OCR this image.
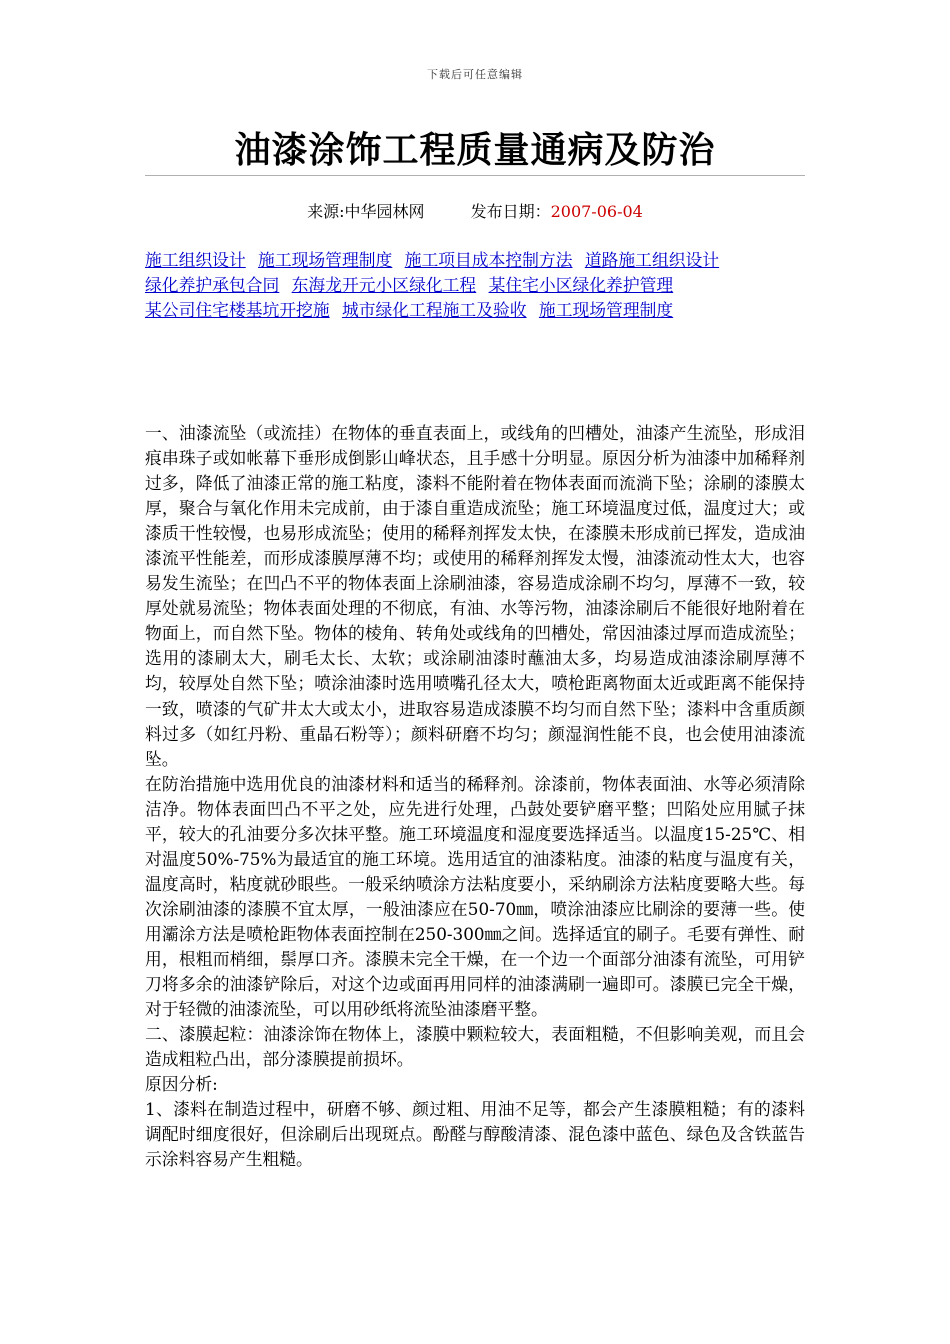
下载后可任意编辑
油漆涂饰工程质量通病及防治
来源:中华园林网	发布日期：2007-06-04
施工组织设计 施工现场管理制度 施工项目成本控制方法 道路施工组织设计 绿化养护承包合同 东海龙开元小区绿化工程 某住宅小区绿化养护管理 某公司住宅楼基坑开挖施 城市绿化工程施工及验收 施工现场管理制度

一、油漆流坠（或流挂）在物体的垂直表面上，或线角的凹槽处，油漆产生流坠，形成泪痕串珠子或如帐幕下垂形成倒影山峰状态，且手感十分明显。原因分析为油漆中加稀释剂过多，降低了油漆正常的施工粘度，漆料不能附着在物体表面而流淌下坠；涂刷的漆膜太厚，聚合与氧化作用未完成前，由于漆自重造成流坠；施工环境温度过低，温度过大；或漆质干性较慢，也易形成流坠；使用的稀释剂挥发太快，在漆膜未形成前已挥发，造成油漆流平性能差，而形成漆膜厚薄不均；或使用的稀释剂挥发太慢，油漆流动性太大，也容易发生流坠；在凹凸不平的物体表面上涂刷油漆，容易造成涂刷不均匀，厚薄不一致，较厚处就易流坠；物体表面处理的不彻底，有油、水等污物，油漆涂刷后不能很好地附着在物面上，而自然下坠。物体的棱角、转角处或线角的凹槽处，常因油漆过厚而造成流坠；选用的漆刷太大，刷毛太长、太软；或涂刷油漆时蘸油太多，均易造成油漆涂刷厚薄不均，较厚处自然下坠；喷涂油漆时选用喷嘴孔径太大，喷枪距离物面太近或距离不能保持一致，喷漆的气矿井太大或太小，进取容易造成漆膜不均匀而自然下坠；漆料中含重质颜料过多（如红丹粉、重晶石粉等）；颜料研磨不均匀；颜湿润性能不良，也会使用油漆流坠。

在防治措施中选用优良的油漆材料和适当的稀释剂。涂漆前，物体表面油、水等必须清除洁净。物体表面凹凸不平之处，应先进行处理，凸鼓处要铲磨平整；凹陷处应用腻子抹平，较大的孔油要分多次抹平整。施工环境温度和湿度要选择适当。以温度15-25℃、相对温度50%-75%为最适宜的施工环境。选用适宜的油漆粘度。油漆的粘度与温度有关，温度高时，粘度就砂眼些。一般采纳喷涂方法粘度要小，采纳刷涂方法粘度要略大些。每次涂刷油漆的漆膜不宜太厚，一般油漆应在50-70㎜，喷涂油漆应比刷涂的要薄一些。使用灞涂方法是喷枪距物体表面控制在250-300㎜之间。选择适宜的刷子。毛要有弹性、耐用，根粗而梢细，鬃厚口齐。漆膜未完全干燥，在一个边一个面部分油漆有流坠，可用铲刀将多余的油漆铲除后，对这个边或面再用同样的油漆满刷一遍即可。漆膜已完全干燥，对于轻微的油漆流坠，可以用砂纸将流坠油漆磨平整。

二、漆膜起粒：油漆涂饰在物体上，漆膜中颗粒较大，表面粗糙，不但影响美观，而且会造成粗粒凸出，部分漆膜提前损坏。

原因分析:

1、漆料在制造过程中，研磨不够、颜过粗、用油不足等，都会产生漆膜粗糙；有的漆料调配时细度很好，但涂刷后出现斑点。酚醛与醇酸清漆、混色漆中蓝色、绿色及含铁蓝告示涂料容易产生粗糙。
